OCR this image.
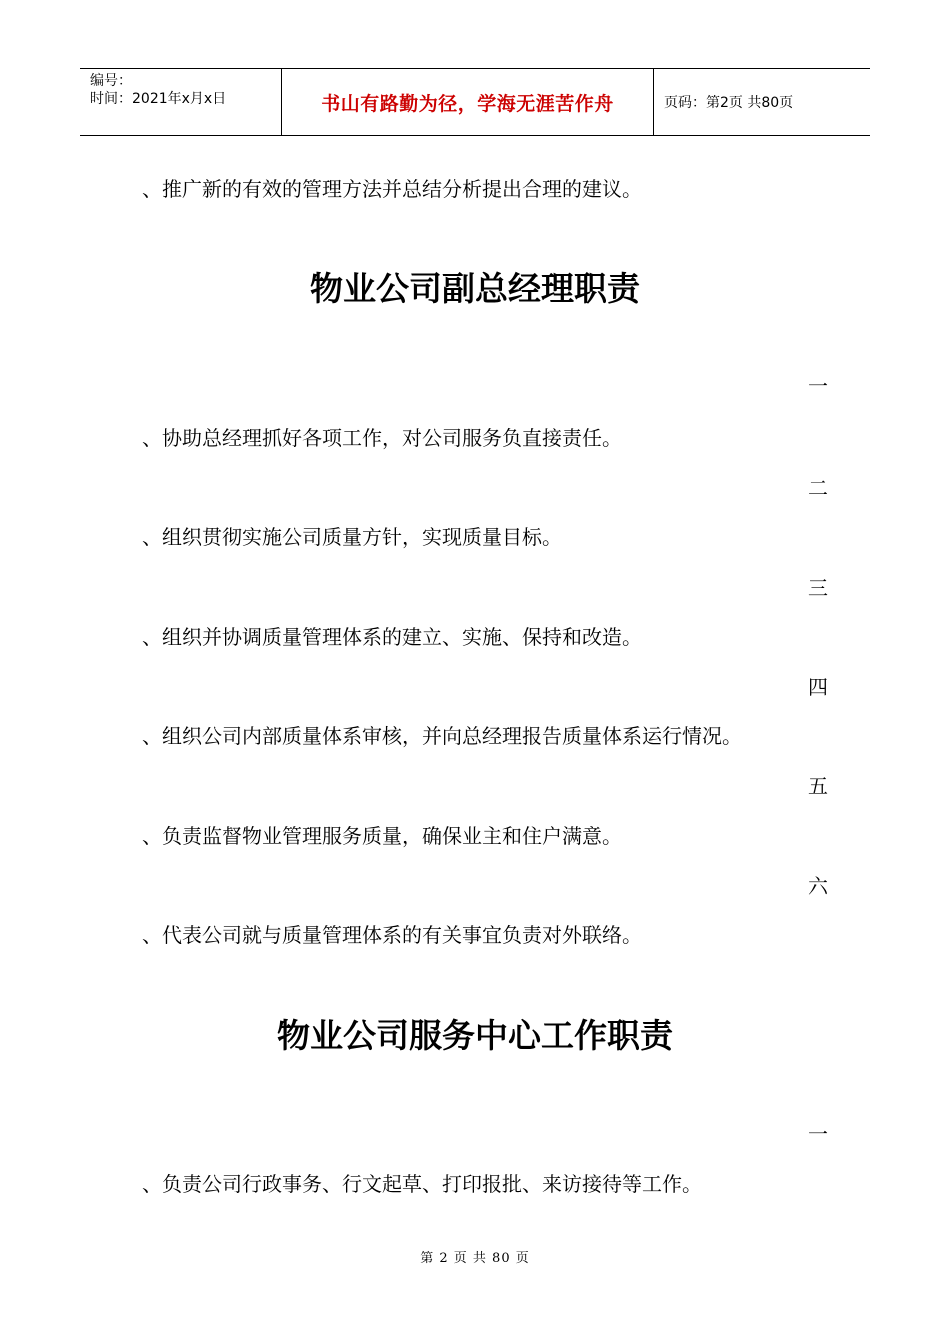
编号：
时间：2021年x月x日	书山有路勤为径，学海无涯苦作舟	页码：第2页 共80页
、推广新的有效的管理方法并总结分析提出合理的建议。
物业公司副总经理职责
一
、协助总经理抓好各项工作，对公司服务负直接责任。
二
、组织贯彻实施公司质量方针，实现质量目标。
三
、组织并协调质量管理体系的建立、实施、保持和改造。
四
、组织公司内部质量体系审核，并向总经理报告质量体系运行情况。
五
、负责监督物业管理服务质量，确保业主和住户满意。
六
、代表公司就与质量管理体系的有关事宜负责对外联络。
物业公司服务中心工作职责
一
、负责公司行政事务、行文起草、打印报批、来访接待等工作。
第 2 页 共 80 页
